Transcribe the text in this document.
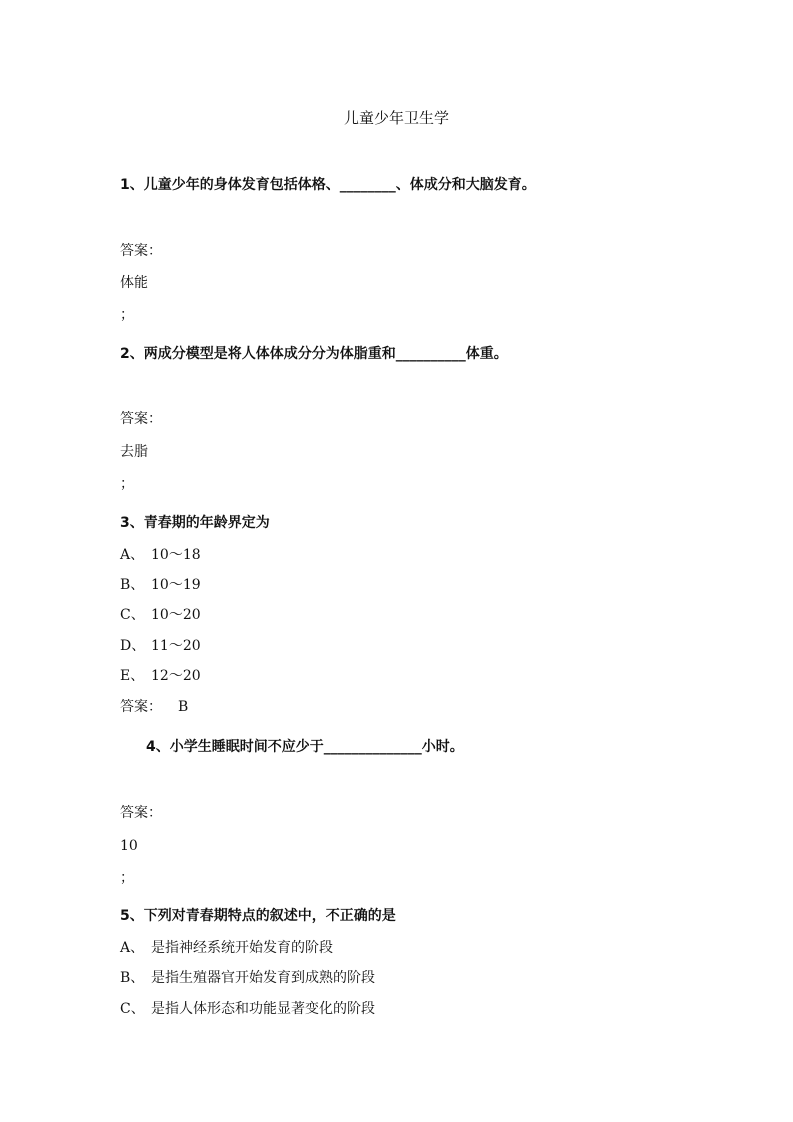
儿童少年卫生学
1、儿童少年的身体发育包括体格、________、体成分和大脑发育。
答案：
体能
；
2、两成分模型是将人体体成分分为体脂重和__________体重。
答案：
去脂
；
3、青春期的年龄界定为
A、 10～18
B、 10～19
C、 10～20
D、 11～20
E、 12～20
答案： B
4、小学生睡眠时间不应少于______________小时。
答案：
10
；
5、下列对青春期特点的叙述中，不正确的是
A、 是指神经系统开始发育的阶段
B、 是指生殖器官开始发育到成熟的阶段
C、 是指人体形态和功能显著变化的阶段
